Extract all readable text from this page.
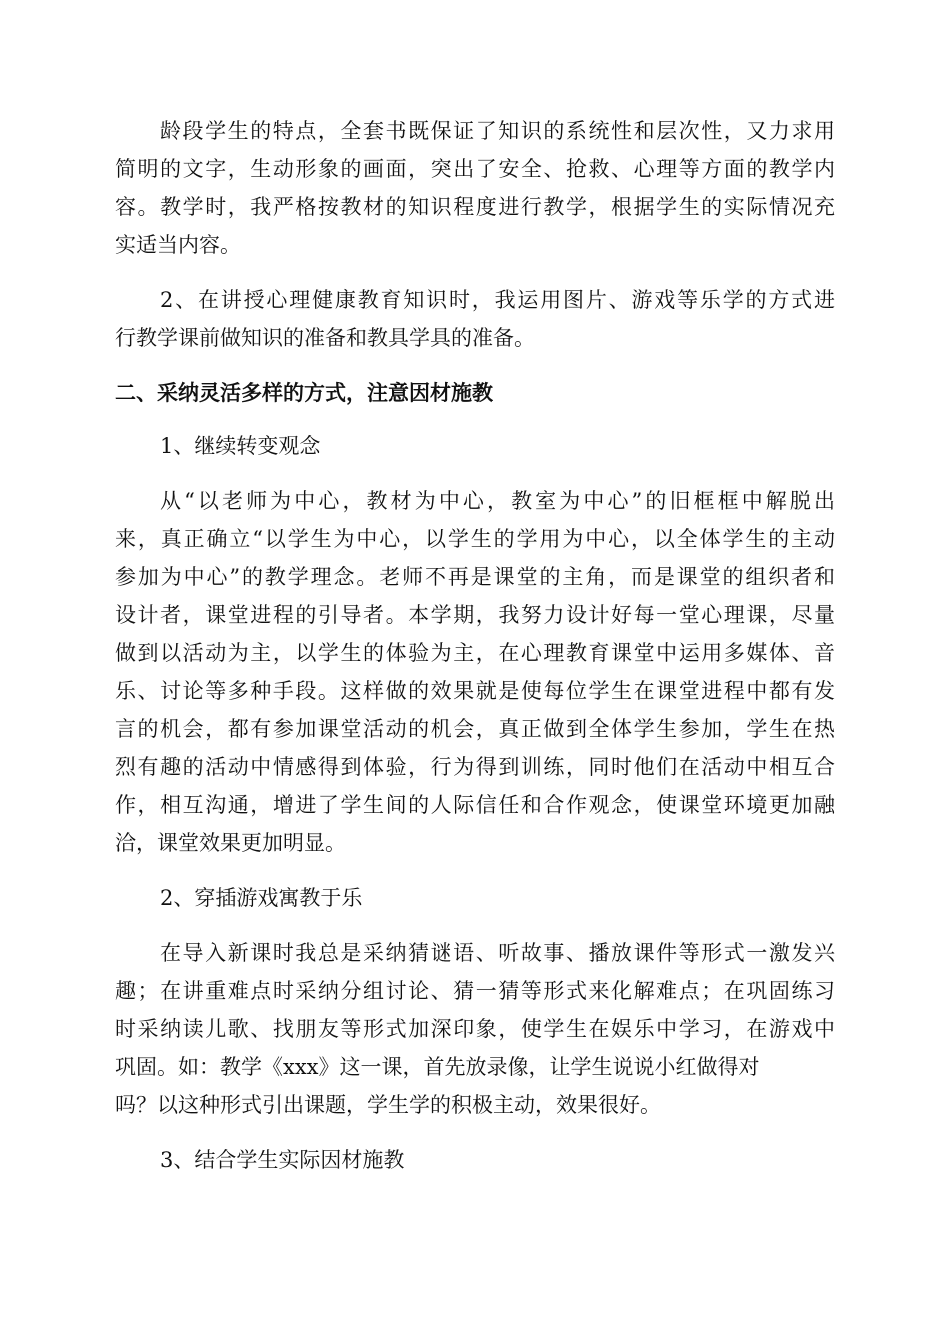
龄段学生的特点，全套书既保证了知识的系统性和层次性，又力求用
简明的文字，生动形象的画面，突出了安全、抢救、心理等方面的教学内
容。教学时，我严格按教材的知识程度进行教学，根据学生的实际情况充
实适当内容。
2、在讲授心理健康教育知识时，我运用图片、游戏等乐学的方式进
行教学课前做知识的准备和教具学具的准备。
二、采纳灵活多样的方式，注意因材施教
1、继续转变观念
从“以老师为中心，教材为中心，教室为中心”的旧框框中解脱出
来，真正确立“以学生为中心，以学生的学用为中心，以全体学生的主动
参加为中心”的教学理念。老师不再是课堂的主角，而是课堂的组织者和
设计者，课堂进程的引导者。本学期，我努力设计好每一堂心理课，尽量
做到以活动为主，以学生的体验为主，在心理教育课堂中运用多媒体、音
乐、讨论等多种手段。这样做的效果就是使每位学生在课堂进程中都有发
言的机会，都有参加课堂活动的机会，真正做到全体学生参加，学生在热
烈有趣的活动中情感得到体验，行为得到训练，同时他们在活动中相互合
作，相互沟通，增进了学生间的人际信任和合作观念，使课堂环境更加融
洽，课堂效果更加明显。
2、穿插游戏寓教于乐
在导入新课时我总是采纳猜谜语、听故事、播放课件等形式一激发兴
趣；在讲重难点时采纳分组讨论、猜一猜等形式来化解难点；在巩固练习
时采纳读儿歌、找朋友等形式加深印象，使学生在娱乐中学习，在游戏中
巩固。如：教学《xxx》这一课，首先放录像，让学生说说小红做得对
吗？以这种形式引出课题，学生学的积极主动，效果很好。
3、结合学生实际因材施教
